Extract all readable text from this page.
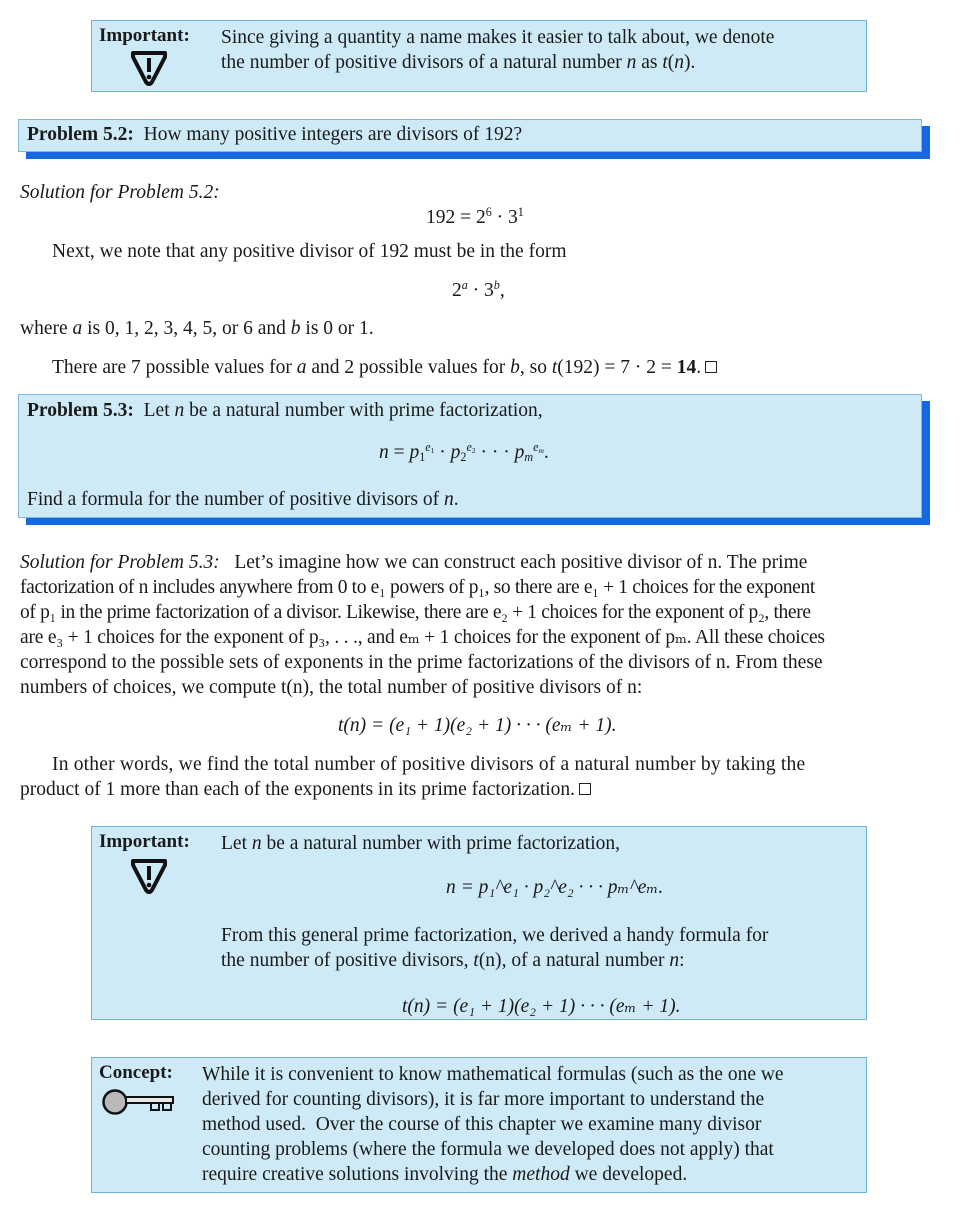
Important: Since giving a quantity a name makes it easier to talk about, we denote
the number of positive divisors of a natural number n as t(n).
Problem 5.2: How many positive integers are divisors of 192?
Solution for Problem 5.2:
$192 = 2^6 \cdot 3^1$
Next, we note that any positive divisor of 192 must be in the form
$2^a \cdot 3^b$,
where a is 0, 1, 2, 3, 4, 5, or 6 and b is 0 or 1.
There are 7 possible values for a and 2 possible values for b, so t(192) = 7 · 2 = 14.
Problem 5.3: Let n be a natural number with prime factorization,
$n = p_1^{e_1} \cdot p_2^{e_2}$ · · · $p_m^{e_m}$.
Find a formula for the number of positive divisors of n.
Solution for Problem 5.3: Let’s imagine how we can construct each positive divisor of n. The prime
factorization of n includes anywhere from 0 to e₁ powers of p₁, so there are e₁ + 1 choices for the exponent
of p₁ in the prime factorization of a divisor. Likewise, there are e₂ + 1 choices for the exponent of p₂, there
are e₃ + 1 choices for the exponent of p₃, . . ., and eₘ + 1 choices for the exponent of pₘ. All these choices
correspond to the possible sets of exponents in the prime factorizations of the divisors of n. From these
numbers of choices, we compute t(n), the total number of positive divisors of n:
t(n) = (e₁ + 1)(e₂ + 1) · · · (eₘ + 1).
In other words, we find the total number of positive divisors of a natural number by taking the
product of 1 more than each of the exponents in its prime factorization.
Important: Let n be a natural number with prime factorization,
n = p₁^e₁ · p₂^e₂ · · · pₘ^eₘ.
From this general prime factorization, we derived a handy formula for
the number of positive divisors, t(n), of a natural number n:
t(n) = (e₁ + 1)(e₂ + 1) · · · (eₘ + 1).
Concept: While it is convenient to know mathematical formulas (such as the one we
derived for counting divisors), it is far more important to understand the
method used.  Over the course of this chapter we examine many divisor
counting problems (where the formula we developed does not apply) that
require creative solutions involving the method we developed.
